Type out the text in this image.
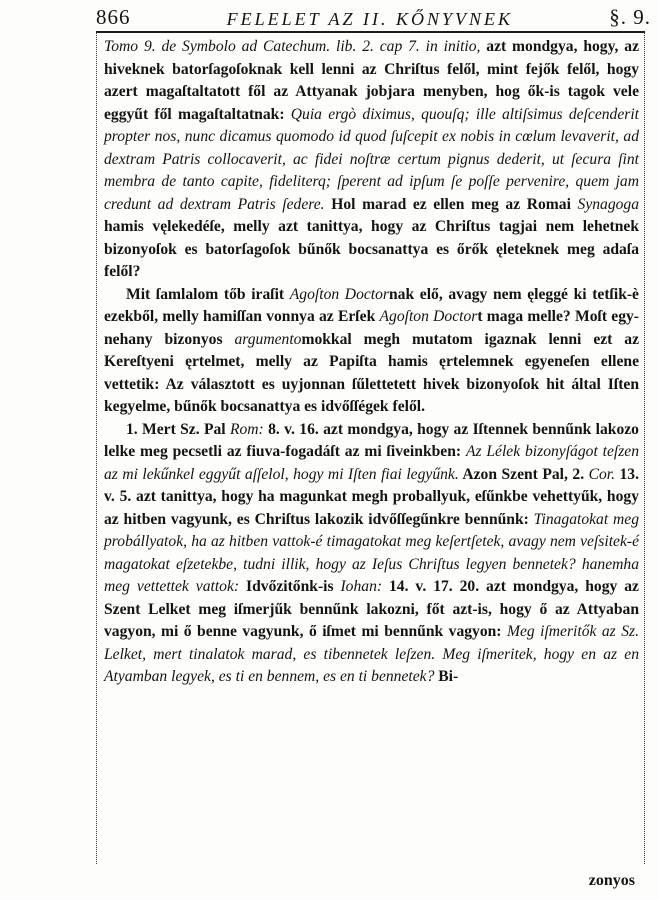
866	FELELET AZ II. KŐNYVNEK	§. 9.

Tomo 9. de Symbolo ad Catechum. lib. 2. cap 7. in initio, azt mondgya, hogy, az hiveknek batorſagoſoknak kell lenni az Chriſtus felől, mint fejők felől, hogy azert magaſtaltatott fől az Attyanak jobjara menyben, hog ők-is tagok vele eggyűt fől magaſtaltatnak: Quia ergò diximus, quouſq; ille altiſsimus deſcenderit propter nos, nunc dicamus quomodo id quod ſuſcepit ex nobis in cœlum levaverit, ad dextram Patris collocaverit, ac fidei noſtræ certum pignus dederit, ut ſecura ſint membra de tanto capite, fideliterq; ſperent ad ipſum ſe poſſe pervenire, quem jam credunt ad dextram Patris ſedere. Hol marad ez ellen meg az Romai Synagoga hamis vęlekedéſe, melly azt tanittya, hogy az Chriſtus tagjai nem lehetnek bizonyoſok es batorſagoſok bűnők bocsanattyа es őrők ęleteknek meg adaſa felől?

Mit ſamlalom tőb iraſit Agoſton Doctornak elő, avagy nem ęleggé ki tetſik-è ezekből, melly hamiſſan vonnya az Erſek Agoſton Doctort maga melle? Moſt egy-nehany bizonyos argumentomokkal megh mutatom igaznak lenni ezt az Kereſtyeni ęrtelmet, melly az Papiſta hamis ęrtelemnek egyeneſen ellene vettetik: Az választott es uyjonnan ſűlettetett hivek bizonyoſok hit által Iſten kegyelme, bűnők bocsanattya es idvőſſégek felől.

1. Mert Sz. Pal Rom: 8. v. 16. azt mondgya, hogy az Iſtennek bennűnk lakozo lelke meg pecsetli az fiuva-fogadáſt az mi ſiveinkben: Az Lélek bizonyſágot teſzen az mi lekűnkel eggyűt aſſelol, hogy mi Iſten fiai legyűnk. Azon Szent Pal, 2. Cor. 13. v. 5. azt tanittya, hogy ha magunkat megh proballyuk, eſűnkbe vehettyűk, hogy az hitben vagyunk, es Chriſtus lakozik idvőſſegűnkre bennűnk: Tinagatokat meg probállyatok, ha az hitben vattok-é timagatokat meg keſertſetek, avagy nem veſsitek-é magatokat eſzetekbe, tudni illik, hogy az Ieſus Chriſtus legyen bennetek? hanemha meg vettettek vattok: Idvőzitőnk-is Iohan: 14. v. 17. 20. azt mondgya, hogy az Szent Lelket meg iſmerjűk bennűnk lakozni, főt azt-is, hogy ő az Attyaban vagyon, mi ő benne vagyunk, ő iſmet mi bennűnk vagyon: Meg iſmeritők az Sz. Lelket, mert tinalatok marad, es tibennetek leſzen. Meg iſmeritek, hogy en az en Atyamban legyek, es ti en bennem, es en ti bennetek? Bi-

zonyos
